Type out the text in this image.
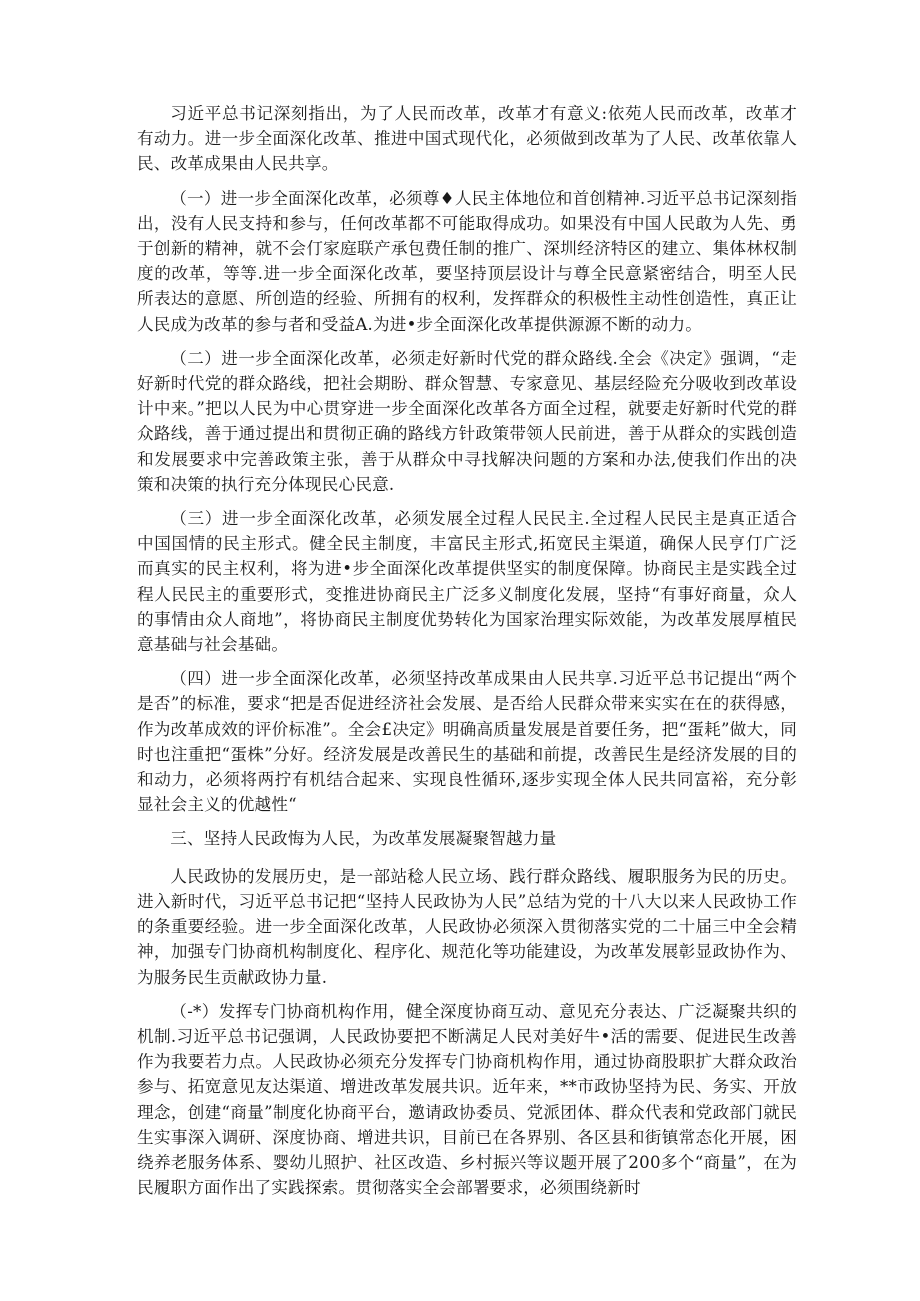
习近平总书记深刻指出，为了人民而改革，改革才有意义:依苑人民而改革，改革才有动力。进一步全面深化改革、推进中国式现代化，必须做到改革为了人民、改革依靠人民、改革成果由人民共享。

（一）进一步全面深化改革，必须尊♦人民主体地位和首创精神.习近平总书记深刻指出，没有人民支持和参与，任何改革都不可能取得成功。如果没有中国人民敢为人先、勇于创新的精神，就不会仃家庭联产承包费任制的推广、深圳经济特区的建立、集体林权制度的改革，等等.进一步全面深化改革，要坚持顶层设计与尊全民意紧密结合，明至人民所表达的意愿、所创造的经验、所拥有的权利，发挥群众的积极性主动性创造性，真正让人民成为改革的参与者和受益A.为进•步全面深化改革提供源源不断的动力。

（二）进一步全面深化改革，必须走好新时代党的群众路线.全会《决定》强调，“走好新时代党的群众路线，把社会期盼、群众智慧、专家意见、基层经险充分吸收到改革设计中来。”把以人民为中心贯穿进一步全面深化改革各方面全过程，就要走好新时代党的群众路线，善于通过提出和贯彻正确的路线方针政策带领人民前进，善于从群众的实践创造和发展要求中完善政策主张，善于从群众中寻找解决问题的方案和办法,使我们作出的决策和决策的执行充分体现民心民意.

（三）进一步全面深化改革，必须发展全过程人民民主.全过程人民民主是真正适合中国国情的民主形式。健全民主制度，丰富民主形式,拓宽民主渠道，确保人民亨仃广泛而真实的民主权利，将为进•步全面深化改革提供坚实的制度保障。协商民主是实践全过程人民民主的重要形式，变推进协商民主广泛多义制度化发展，坚持“有事好商量，众人的事情由众人商地”，将协商民主制度优势转化为国家治理实际效能，为改革发展厚植民意基础与社会基础。

（四）进一步全面深化改革，必须坚持改革成果由人民共享.习近平总书记提出“两个是否”的标准，要求“把是否促进经济社会发展、是否给人民群众带来实实在在的获得感，作为改革成效的评价标准”。全会£决定》明确高质量发展是首要任务，把“蛋耗”做大，同时也注重把“蛋株”分好。经济发展是改善民生的基础和前提，改善民生是经济发展的目的和动力，必须将两拧有机结合起来、实现良性循环,逐步实现全体人民共同富裕，充分彰显社会主义的优越性“

三、坚持人民政悔为人民，为改革发展凝聚智越力量

人民政协的发展历史，是一部站稔人民立场、践行群众路线、履职服务为民的历史。进入新时代，习近平总书记把“坚持人民政协为人民”总结为党的十八大以来人民政协工作的条重要经验。进一步全面深化改革，人民政协必须深入贯彻落实党的二十届三中全会精神，加强专门协商机构制度化、程序化、规范化等功能建设，为改革发展彰显政协作为、为服务民生贡献政协力量.

（-*）发挥专门协商机构作用，健全深度协商互动、意见充分表达、广泛凝聚共织的机制.习近平总书记强调，人民政协要把不断满足人民对美好牛•活的需要、促进民生改善作为我要若力点。人民政协必须充分发挥专门协商机构作用，通过协商股职扩大群众政治参与、拓宽意见友达渠道、增进改革发展共识。近年来，**市政协坚持为民、务实、开放理念，创建“商量”制度化协商平台，邀请政协委员、党派团体、群众代表和党政部门就民生实事深入调研、深度协商、增进共识，目前已在各界别、各区县和街镇常态化开展，困绕养老服务体系、婴幼儿照护、社区改造、乡村振兴等议题开展了200多个“商量”，在为民履职方面作出了实践探索。贯彻落实全会部署要求，必须围绕新时
